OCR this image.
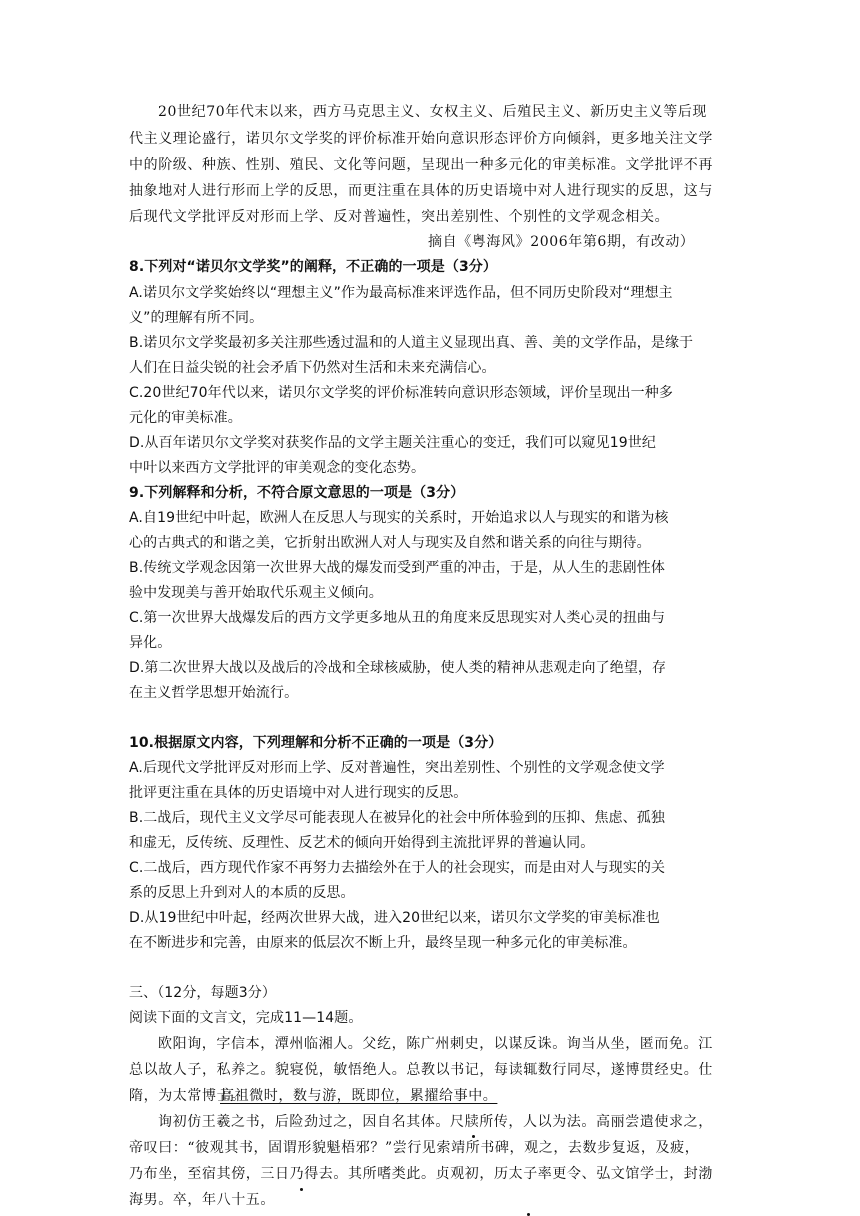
20世纪70年代末以来，西方马克思主义、女权主义、后殖民主义、新历史主义等后现
代主义理论盛行，诺贝尔文学奖的评价标准开始向意识形态评价方向倾斜，更多地关注文学
中的阶级、种族、性别、殖民、文化等问题，呈现出一种多元化的审美标准。文学批评不再
抽象地对人进行形而上学的反思，而更注重在具体的历史语境中对人进行现实的反思，这与
后现代文学批评反对形而上学、反对普遍性，突出差别性、个别性的文学观念相关。
摘自《粤海风》2006年第6期，有改动）
8.下列对“诺贝尔文学奖”的阐释，不正确的一项是（3分）
A.诺贝尔文学奖始终以“理想主义”作为最高标准来评选作品，但不同历史阶段对“理想主
义”的理解有所不同。
B.诺贝尔文学奖最初多关注那些透过温和的人道主义显现出真、善、美的文学作品，是缘于
人们在日益尖锐的社会矛盾下仍然对生活和未来充满信心。
C.20世纪70年代以来，诺贝尔文学奖的评价标准转向意识形态领域，评价呈现出一种多
元化的审美标准。
D.从百年诺贝尔文学奖对获奖作品的文学主题关注重心的变迁，我们可以窥见19世纪
中叶以来西方文学批评的审美观念的变化态势。
9.下列解释和分析，不符合原文意思的一项是（3分）
A.自19世纪中叶起，欧洲人在反思人与现实的关系时，开始追求以人与现实的和谐为核
心的古典式的和谐之美，它折射出欧洲人对人与现实及自然和谐关系的向往与期待。
B.传统文学观念因第一次世界大战的爆发而受到严重的冲击，于是，从人生的悲剧性体
验中发现美与善开始取代乐观主义倾向。
C.第一次世界大战爆发后的西方文学更多地从丑的角度来反思现实对人类心灵的扭曲与
异化。
D.第二次世界大战以及战后的冷战和全球核威胁，使人类的精神从悲观走向了绝望，存
在主义哲学思想开始流行。
10.根据原文内容，下列理解和分析不正确的一项是（3分）
A.后现代文学批评反对形而上学、反对普遍性，突出差别性、个别性的文学观念使文学
批评更注重在具体的历史语境中对人进行现实的反思。
B.二战后，现代主义文学尽可能表现人在被异化的社会中所体验到的压抑、焦虑、孤独
和虚无，反传统、反理性、反艺术的倾向开始得到主流批评界的普遍认同。
C.二战后，西方现代作家不再努力去描绘外在于人的社会现实，而是由对人与现实的关
系的反思上升到对人的本质的反思。
D.从19世纪中叶起，经两次世界大战，进入20世纪以来，诺贝尔文学奖的审美标准也
在不断进步和完善，由原来的低层次不断上升，最终呈现一种多元化的审美标准。
三、（12分，每题3分）
阅读下面的文言文，完成11—14题。
欧阳询，字信本，潭州临湘人。父纥，陈广州刺史，以谋反诛。询当从坐，匿而免。江
总以故人子，私养之。貌寝侻，敏悟绝人。总教以书记，每读辄数行同尽，遂博贯经史。仕
隋，为太常博士。
高祖微时，数与游，既即位，累擢给事中。
询初仿王羲之书，后险劲过之，因自名其体。尺牍所传，人以为法。高丽尝遣使求之，
帝叹曰：“彼观其书，固谓形貌魁梧邪？”尝行见索靖所书碑，观之，去数步复返，及疲，
乃布坐，至宿其傍，三日乃得去。其所嗜类此。贞观初，历太子率更令、弘文馆学士，封渤
海男。卒，年八十五。
